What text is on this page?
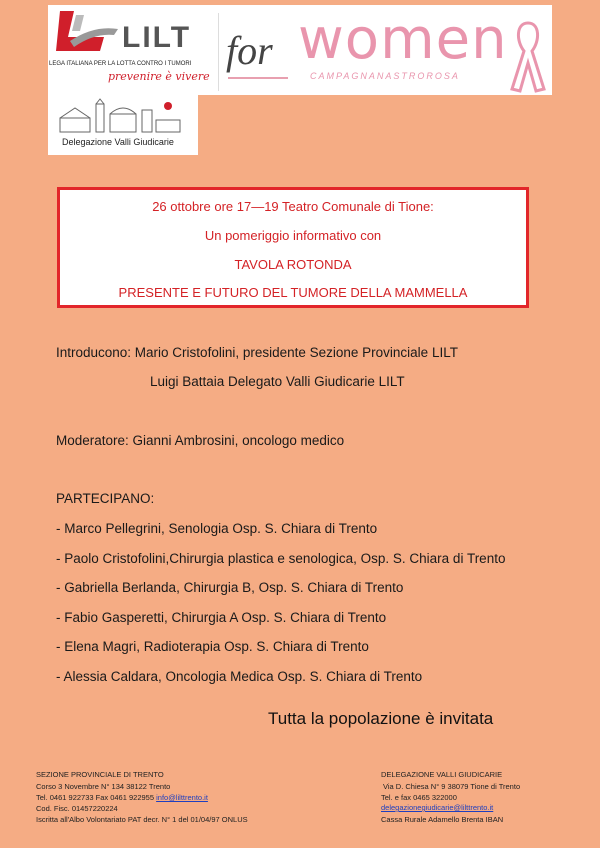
LILT
LEGA ITALIANA PER LA LOTTA CONTRO I TUMORI
prevenire è vivere
for women
CAMPAGNANASTROROSA
Delegazione Valli Giudicarie
26 ottobre ore 17—19 Teatro Comunale di Tione:
Un pomeriggio informativo con
TAVOLA ROTONDA
PRESENTE E FUTURO DEL TUMORE DELLA MAMMELLA
Introducono: Mario Cristofolini, presidente Sezione Provinciale LILT
Luigi Battaia Delegato Valli Giudicarie LILT
Moderatore: Gianni Ambrosini, oncologo medico
PARTECIPANO:
- Marco Pellegrini, Senologia Osp. S. Chiara di Trento
- Paolo Cristofolini,Chirurgia plastica e senologica, Osp. S. Chiara di Trento
- Gabriella Berlanda, Chirurgia B, Osp. S. Chiara di Trento
- Fabio Gasperetti, Chirurgia A Osp. S. Chiara di Trento
- Elena Magri, Radioterapia Osp. S. Chiara di Trento
- Alessia Caldara, Oncologia Medica Osp. S. Chiara di Trento
Tutta la popolazione è invitata
SEZIONE PROVINCIALE DI TRENTO
Corso 3 Novembre N° 134 38122 Trento
Tel. 0461 922733 Fax 0461 922955 info@lilttrento.it
Cod. Fisc. 01457220224
Iscritta all'Albo Volontariato PAT decr. N° 1 del 01/04/97 ONLUS
DELEGAZIONE VALLI GIUDICARIE
Via D. Chiesa N° 9 38079 Tione di Trento
Tel. e fax 0465 322000
delegazionegiudicarie@lilttrento.it
Cassa Rurale Adamello Brenta IBAN
